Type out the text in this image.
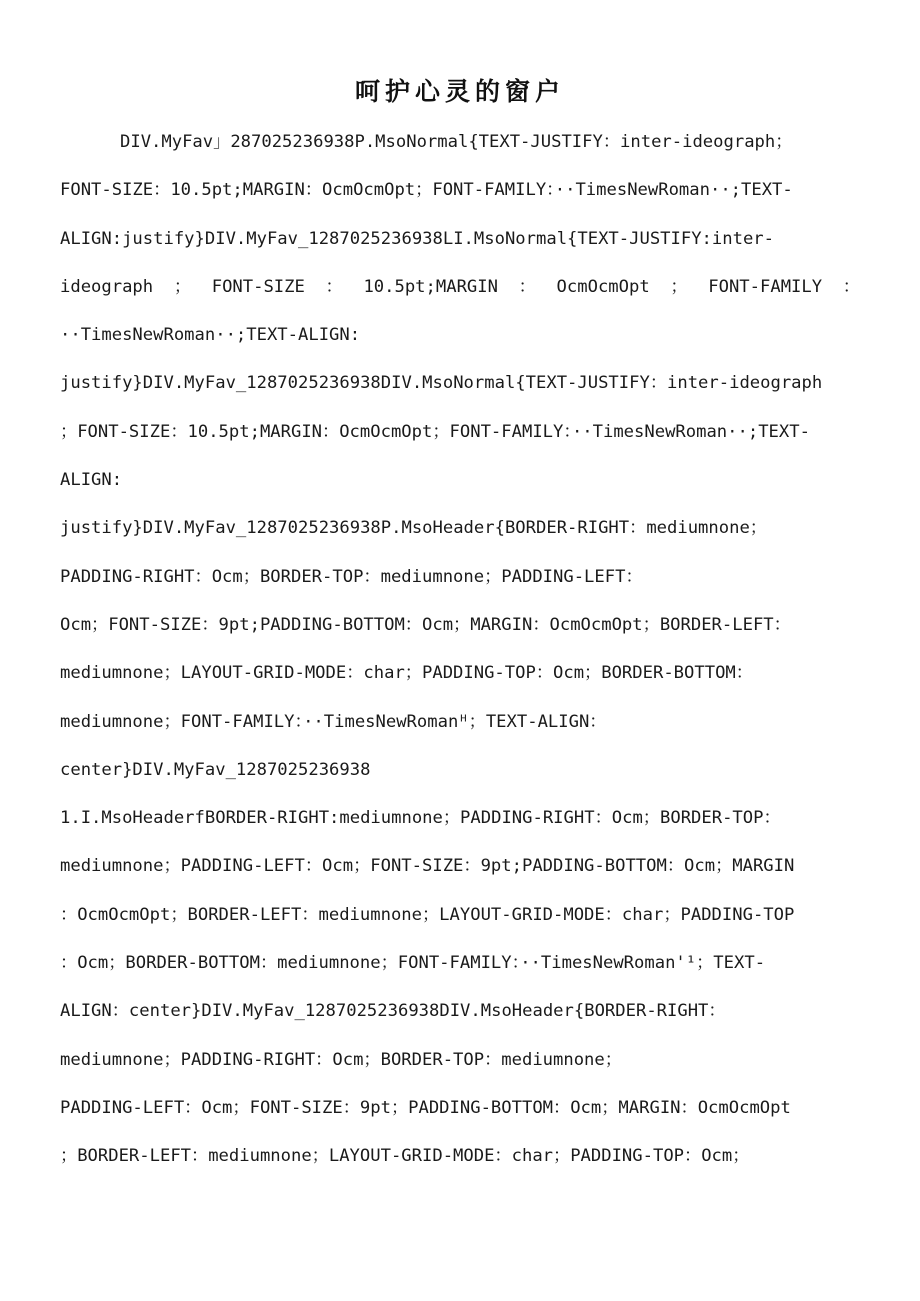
呵护心灵的窗户
DIV.MyFav」287025236938P.MsoNormal{TEXT-JUSTIFY：inter-ideograph；
FONT-SIZE：10.5pt;MARGIN：OcmOcmOpt；FONT-FAMILY：··TimesNewRoman··;TEXT-
ALIGN:justify}DIV.MyFav_1287025236938LI.MsoNormal{TEXT-JUSTIFY:inter-
ideograph ； FONT-SIZE ： 10.5pt;MARGIN ： OcmOcmOpt ； FONT-FAMILY ：
··TimesNewRoman··;TEXT-ALIGN:
justify}DIV.MyFav_1287025236938DIV.MsoNormal{TEXT-JUSTIFY：inter-ideograph
；FONT-SIZE：10.5pt;MARGIN：OcmOcmOpt；FONT-FAMILY：··TimesNewRoman··;TEXT-
ALIGN:
justify}DIV.MyFav_1287025236938P.MsoHeader{BORDER-RIGHT：mediumnone；
PADDING-RIGHT：Ocm；BORDER-TOP：mediumnone；PADDING-LEFT：
Ocm；FONT-SIZE：9pt;PADDING-BOTTOM：Ocm；MARGIN：OcmOcmOpt；BORDER-LEFT：
mediumnone；LAYOUT-GRID-MODE：char；PADDING-TOP：Ocm；BORDER-BOTTOM：
mediumnone；FONT-FAMILY：··TimesNewRomanᴴ；TEXT-ALIGN：
center}DIV.MyFav_1287025236938
1.I.MsoHeaderfBORDER-RIGHT:mediumnone；PADDING-RIGHT：Ocm；BORDER-TOP：
mediumnone；PADDING-LEFT：Ocm；FONT-SIZE：9pt;PADDING-BOTTOM：Ocm；MARGIN
：OcmOcmOpt；BORDER-LEFT：mediumnone；LAYOUT-GRID-MODE：char；PADDING-TOP
：Ocm；BORDER-BOTTOM：mediumnone；FONT-FAMILY：··TimesNewRoman'¹；TEXT-
ALIGN：center}DIV.MyFav_1287025236938DIV.MsoHeader{BORDER-RIGHT：
mediumnone；PADDING-RIGHT：Ocm；BORDER-TOP：mediumnone；
PADDING-LEFT：Ocm；FONT-SIZE：9pt；PADDING-BOTTOM：Ocm；MARGIN：OcmOcmOpt
；BORDER-LEFT：mediumnone；LAYOUT-GRID-MODE：char；PADDING-TOP：Ocm；
